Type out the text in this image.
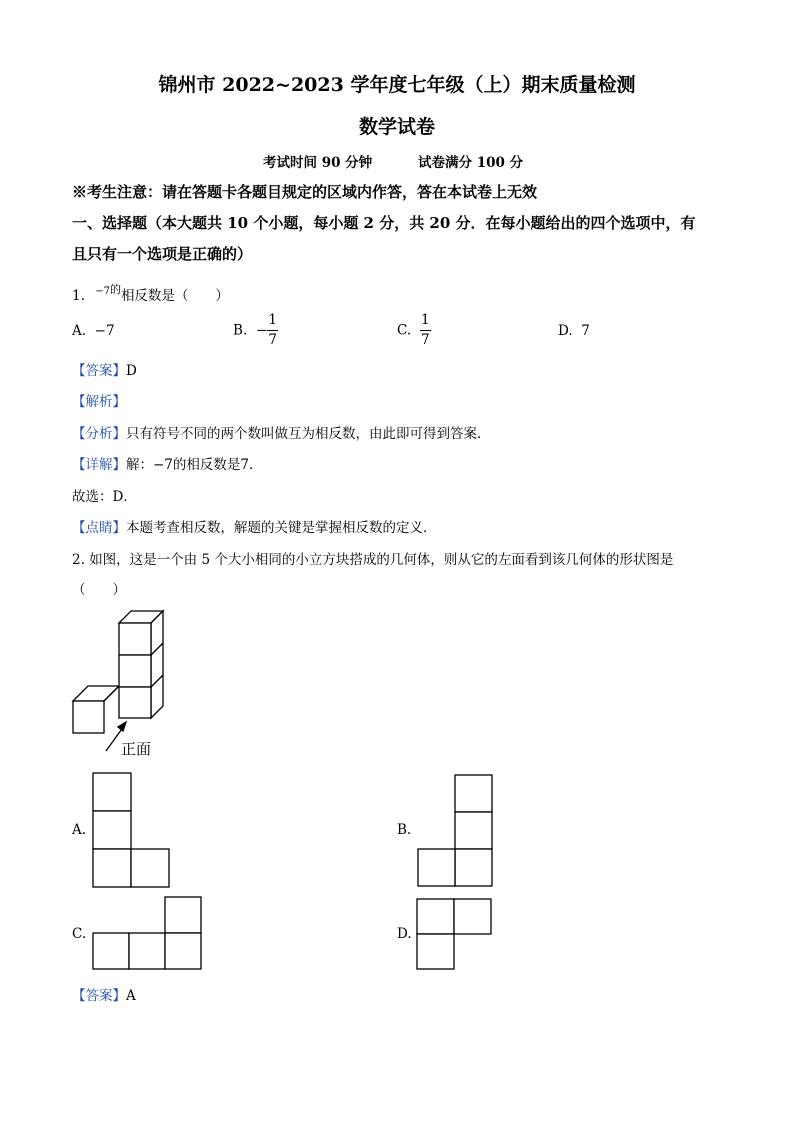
锦州市 2022~2023 学年度七年级（上）期末质量检测
数学试卷
考试时间 90 分钟	试卷满分 100 分
※考生注意：请在答题卡各题目规定的区域内作答，答在本试卷上无效
一、选择题（本大题共 10 个小题，每小题 2 分，共 20 分．在每小题给出的四个选项中，有
且只有一个选项是正确的）
1. $^{-7的}$相反数是（　　）
A. −7	B. − $\frac{1}{7}$	C. $\frac{1}{7}$	D. 7
【答案】D
【解析】
【分析】只有符号不同的两个数叫做互为相反数，由此即可得到答案．
【详解】解：−7的相反数是7．
故选：D．
【点睛】本题考查相反数，解题的关键是掌握相反数的定义．
2. 如图，这是一个由 5 个大小相同的小立方块搭成的几何体，则从它的左面看到该几何体的形状图是
（　　）
正面
A.	B.
C.	D.
【答案】A
